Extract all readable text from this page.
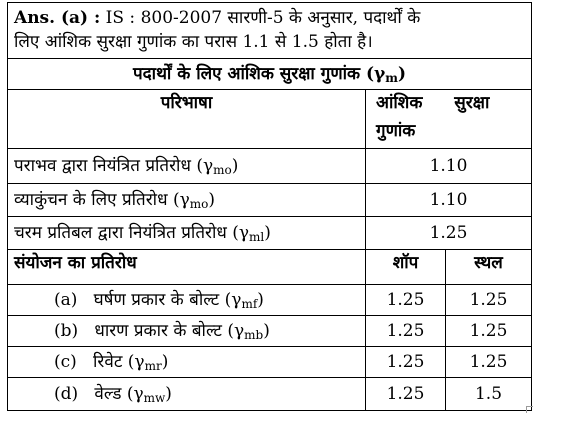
Ans. (a) : IS : 800-2007 सारणी-5 के अनुसार, पदार्थों के
लिए आंशिक सुरक्षा गुणांक का परास 1.1 से 1.5 होता है।
पदार्थों के लिए आंशिक सुरक्षा गुणांक $(\gamma_m)$
परिभाषा	आंशिक सुरक्षा
गुणांक
पराभव द्वारा नियंत्रित प्रतिरोध $(\gamma_{mo})$	1.10
व्याकुंचन के लिए प्रतिरोध $(\gamma_{mo})$	1.10
चरम प्रतिबल द्वारा नियंत्रित प्रतिरोध $(\gamma_{ml})$	1.25
संयोजन का प्रतिरोध	शॉप	स्थल
(a) घर्षण प्रकार के बोल्ट $(\gamma_{mf})$	1.25	1.25
(b) धारण प्रकार के बोल्ट $(\gamma_{mb})$	1.25	1.25
(c) रिवेट $(\gamma_{mr})$	1.25	1.25
(d) वेल्ड $(\gamma_{mw})$	1.25	1.5
